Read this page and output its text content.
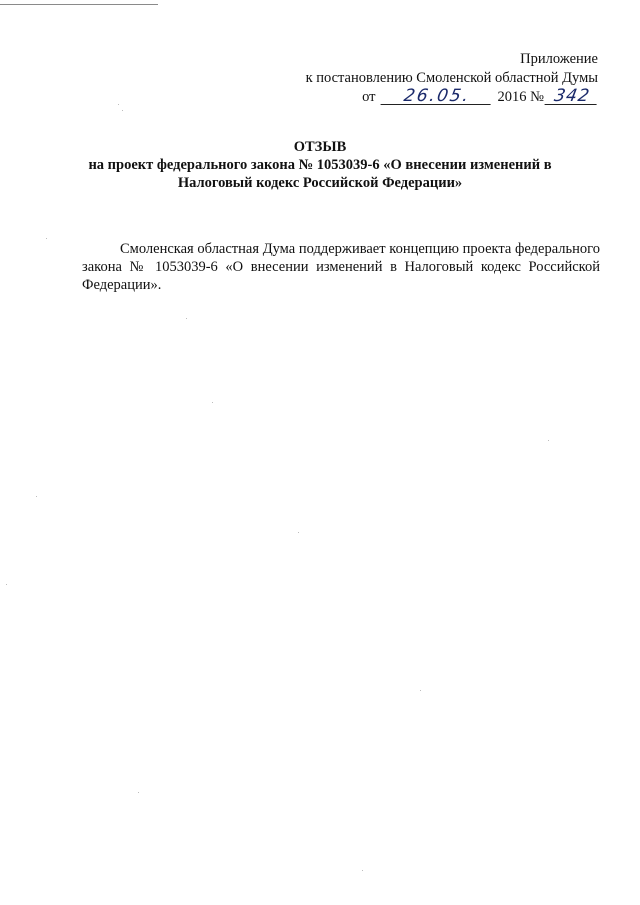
Приложение
к постановлению Смоленской областной Думы
от	26.05.	2016 № 342
ОТЗЫВ
на проект федерального закона № 1053039-6 «О внесении изменений в
Налоговый кодекс Российской Федерации»

Смоленская областная Дума поддерживает концепцию проекта федерального закона № 1053039-6 «О внесении изменений в Налоговый кодекс Российской Федерации».
